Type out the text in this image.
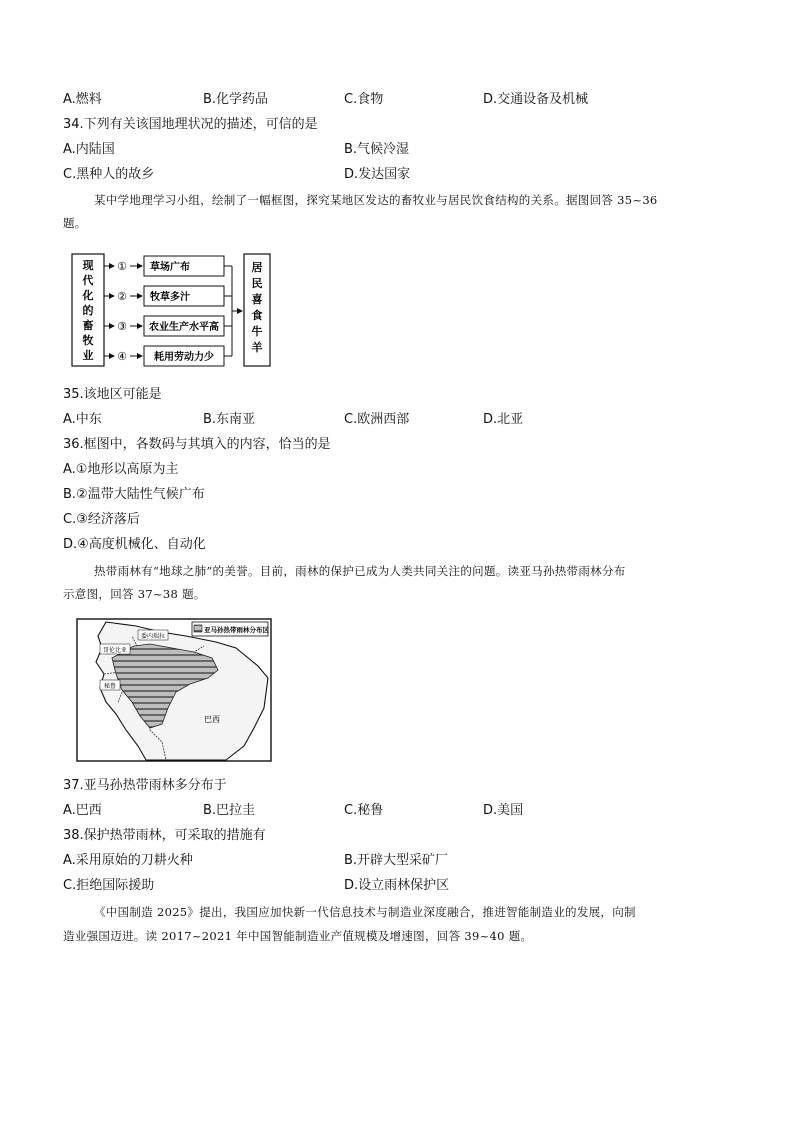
A.燃料	B.化学药品	C.食物	D.交通设备及机械
34.下列有关该国地理状况的描述，可信的是
A.内陆国	B.气候冷湿
C.黑种人的故乡	D.发达国家
某中学地理学习小组，绘制了一幅框图，探究某地区发达的畜牧业与居民饮食结构的关系。据图回答 35~36
题。
现
代
化
的
畜
牧
业
① 草场广布
② 牧草多汁
③ 农业生产水平高
④	耗用劳动力少
居
民
喜
食
牛
羊
35.该地区可能是
A.中东	B.东南亚	C.欧洲西部	D.北亚
36.框图中，各数码与其填入的内容，恰当的是
A.①地形以高原为主
B.②温带大陆性气候广布
C.③经济落后
D.④高度机械化、自动化
热带雨林有“地球之肺”的美誉。目前，雨林的保护已成为人类共同关注的问题。读亚马孙热带雨林分布
示意图，回答 37~38 题。
亚马孙热带雨林分布区
委内瑞拉
哥伦比亚
秘鲁
巴西
37.亚马孙热带雨林多分布于
A.巴西	B.巴拉圭	C.秘鲁	D.美国
38.保护热带雨林，可采取的措施有
A.采用原始的刀耕火种	B.开辟大型采矿厂
C.拒绝国际援助	D.设立雨林保护区
《中国制造 2025》提出，我国应加快新一代信息技术与制造业深度融合，推进智能制造业的发展，向制
造业强国迈进。读 2017~2021 年中国智能制造业产值规模及增速图，回答 39~40 题。
